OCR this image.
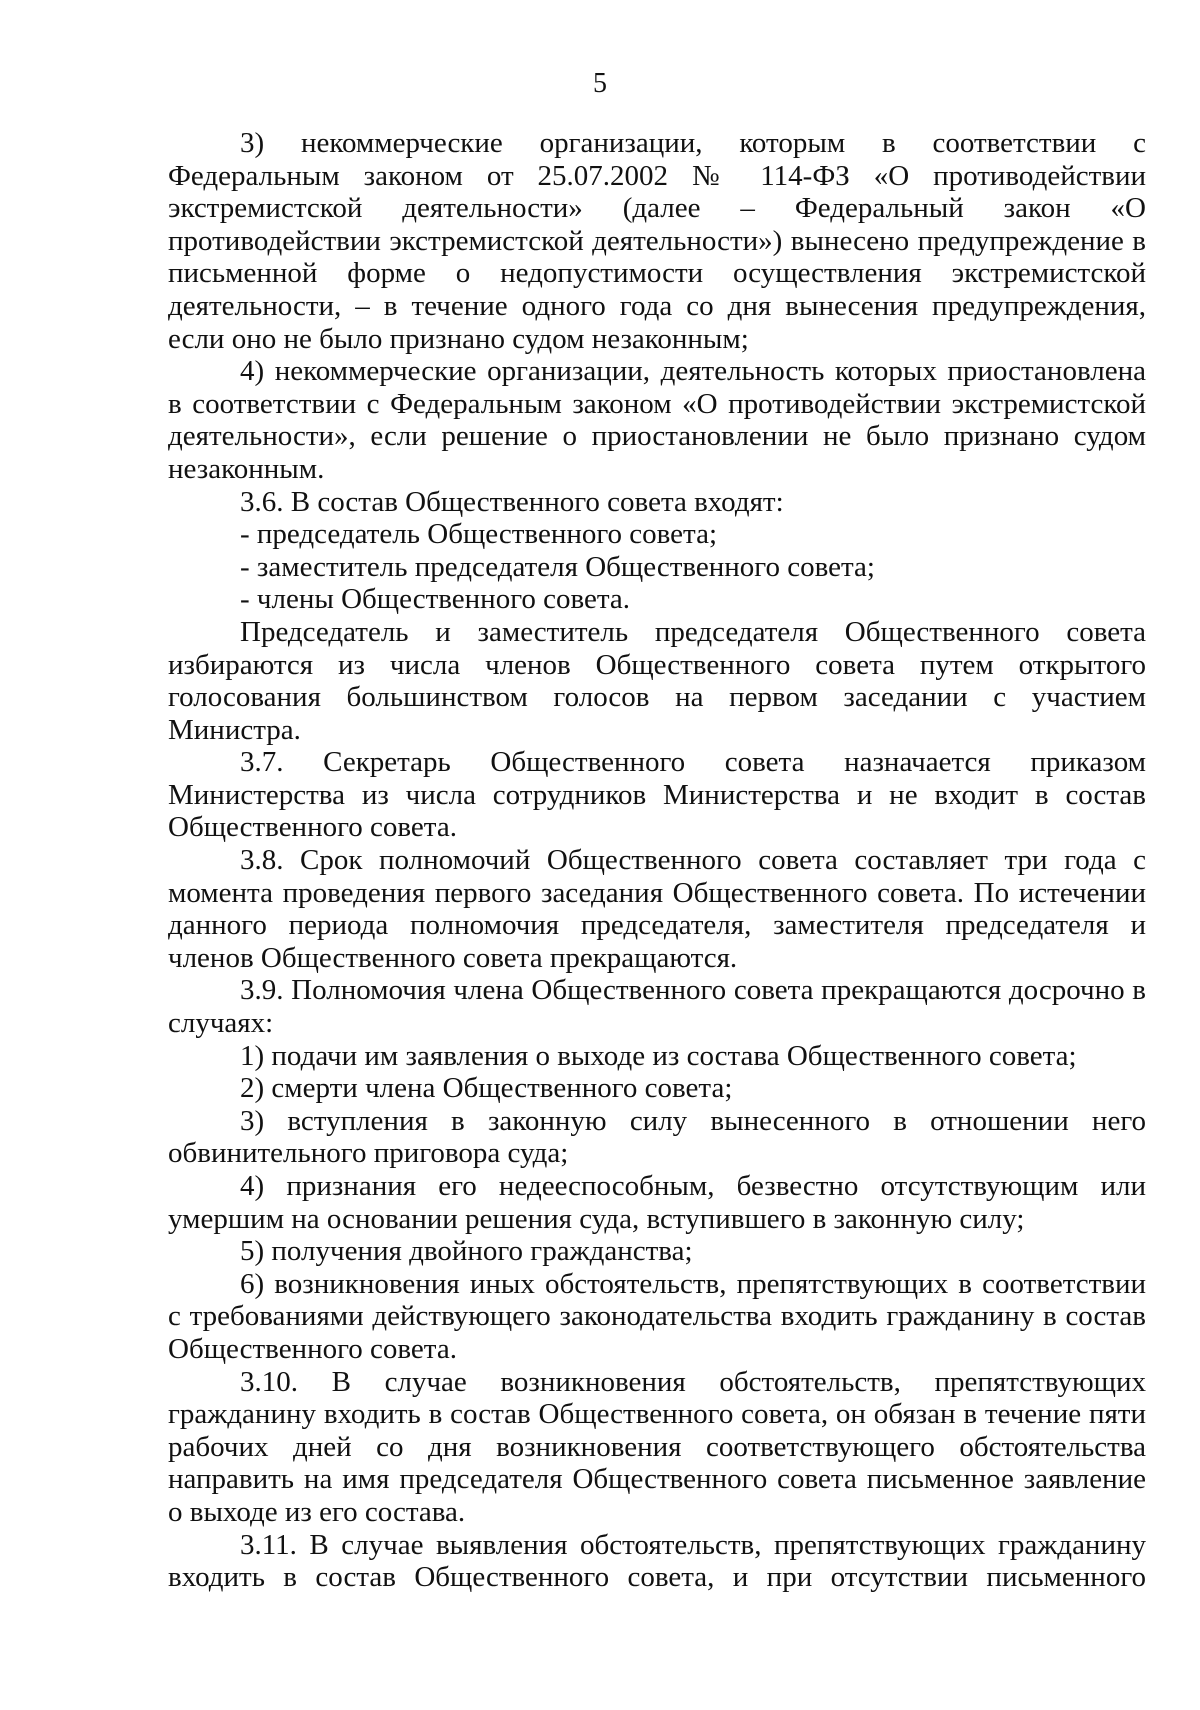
5

3) некоммерческие организации, которым в соответствии с Федеральным законом от 25.07.2002 № 114-ФЗ «О противодействии экстремистской деятельности» (далее – Федеральный закон «О противодействии экстремистской деятельности») вынесено предупреждение в письменной форме о недопустимости осуществления экстремистской деятельности, – в течение одного года со дня вынесения предупреждения, если оно не было признано судом незаконным;

4) некоммерческие организации, деятельность которых приостановлена в соответствии с Федеральным законом «О противодействии экстремистской деятельности», если решение о приостановлении не было признано судом незаконным.

3.6. В состав Общественного совета входят:

- председатель Общественного совета;

- заместитель председателя Общественного совета;

- члены Общественного совета.

Председатель и заместитель председателя Общественного совета избираются из числа членов Общественного совета путем открытого голосования большинством голосов на первом заседании с участием Министра.

3.7. Секретарь Общественного совета назначается приказом Министерства из числа сотрудников Министерства и не входит в состав Общественного совета.

3.8. Срок полномочий Общественного совета составляет три года с момента проведения первого заседания Общественного совета. По истечении данного периода полномочия председателя, заместителя председателя и членов Общественного совета прекращаются.

3.9. Полномочия члена Общественного совета прекращаются досрочно в случаях:

1) подачи им заявления о выходе из состава Общественного совета;

2) смерти члена Общественного совета;

3) вступления в законную силу вынесенного в отношении него обвинительного приговора суда;

4) признания его недееспособным, безвестно отсутствующим или умершим на основании решения суда, вступившего в законную силу;

5) получения двойного гражданства;

6) возникновения иных обстоятельств, препятствующих в соответствии с требованиями действующего законодательства входить гражданину в состав Общественного совета.

3.10. В случае возникновения обстоятельств, препятствующих гражданину входить в состав Общественного совета, он обязан в течение пяти рабочих дней со дня возникновения соответствующего обстоятельства направить на имя председателя Общественного совета письменное заявление о выходе из его состава.

3.11. В случае выявления обстоятельств, препятствующих гражданину входить в состав Общественного совета, и при отсутствии письменного
